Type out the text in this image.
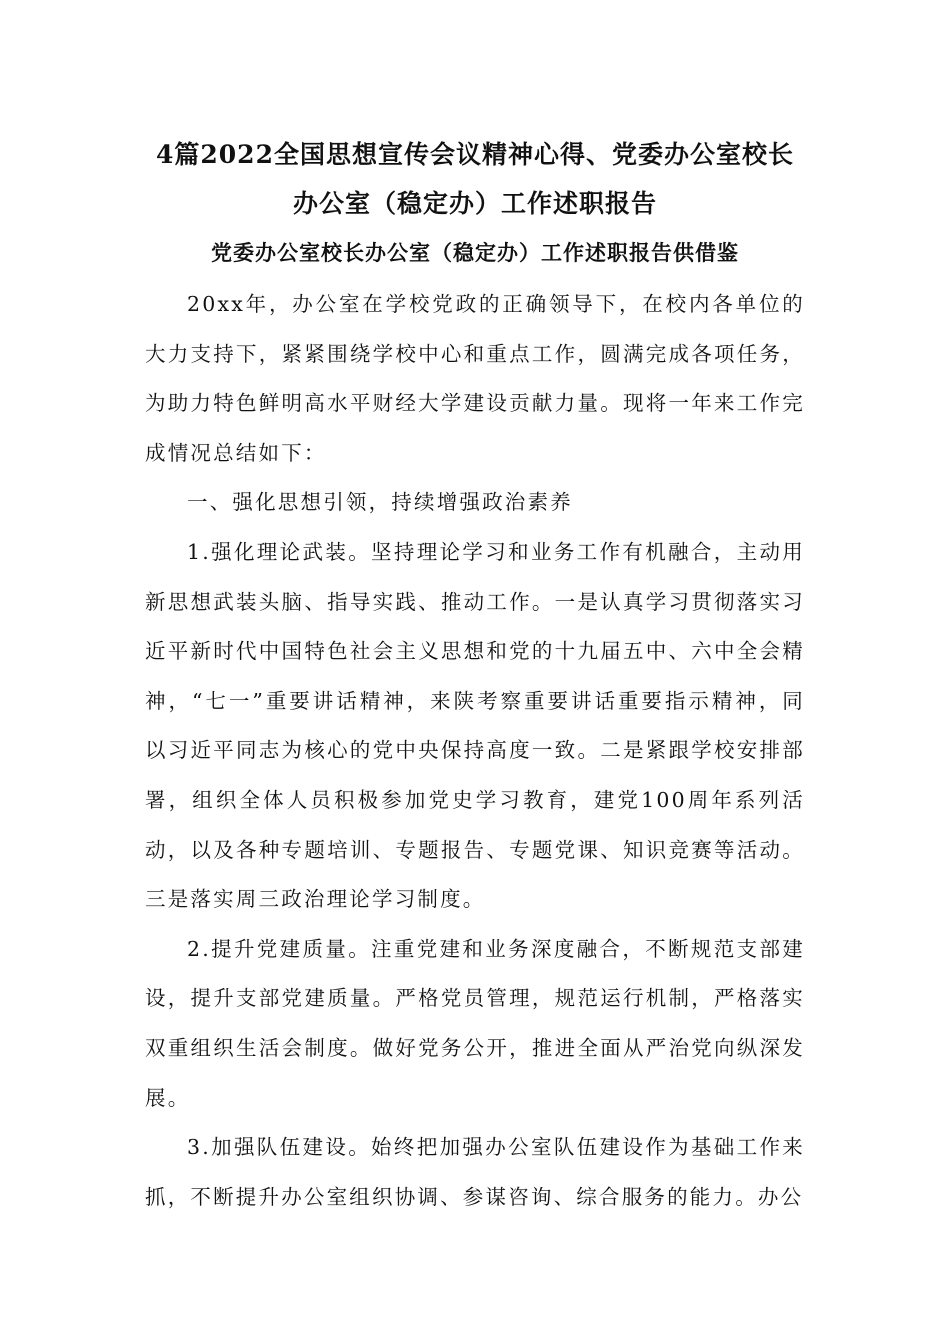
4篇2022全国思想宣传会议精神心得、党委办公室校长办公室（稳定办）工作述职报告
党委办公室校长办公室（稳定办）工作述职报告供借鉴

20xx年，办公室在学校党政的正确领导下，在校内各单位的大力支持下，紧紧围绕学校中心和重点工作，圆满完成各项任务，为助力特色鲜明高水平财经大学建设贡献力量。现将一年来工作完成情况总结如下：

一、强化思想引领，持续增强政治素养

1.强化理论武装。坚持理论学习和业务工作有机融合，主动用新思想武装头脑、指导实践、推动工作。一是认真学习贯彻落实习近平新时代中国特色社会主义思想和党的十九届五中、六中全会精神，“七一”重要讲话精神，来陕考察重要讲话重要指示精神，同以习近平同志为核心的党中央保持高度一致。二是紧跟学校安排部署，组织全体人员积极参加党史学习教育，建党100周年系列活动，以及各种专题培训、专题报告、专题党课、知识竞赛等活动。三是落实周三政治理论学习制度。

2.提升党建质量。注重党建和业务深度融合，不断规范支部建设，提升支部党建质量。严格党员管理，规范运行机制，严格落实双重组织生活会制度。做好党务公开，推进全面从严治党向纵深发展。

3.加强队伍建设。始终把加强办公室队伍建设作为基础工作来抓，不断提升办公室组织协调、参谋咨询、综合服务的能力。办公
